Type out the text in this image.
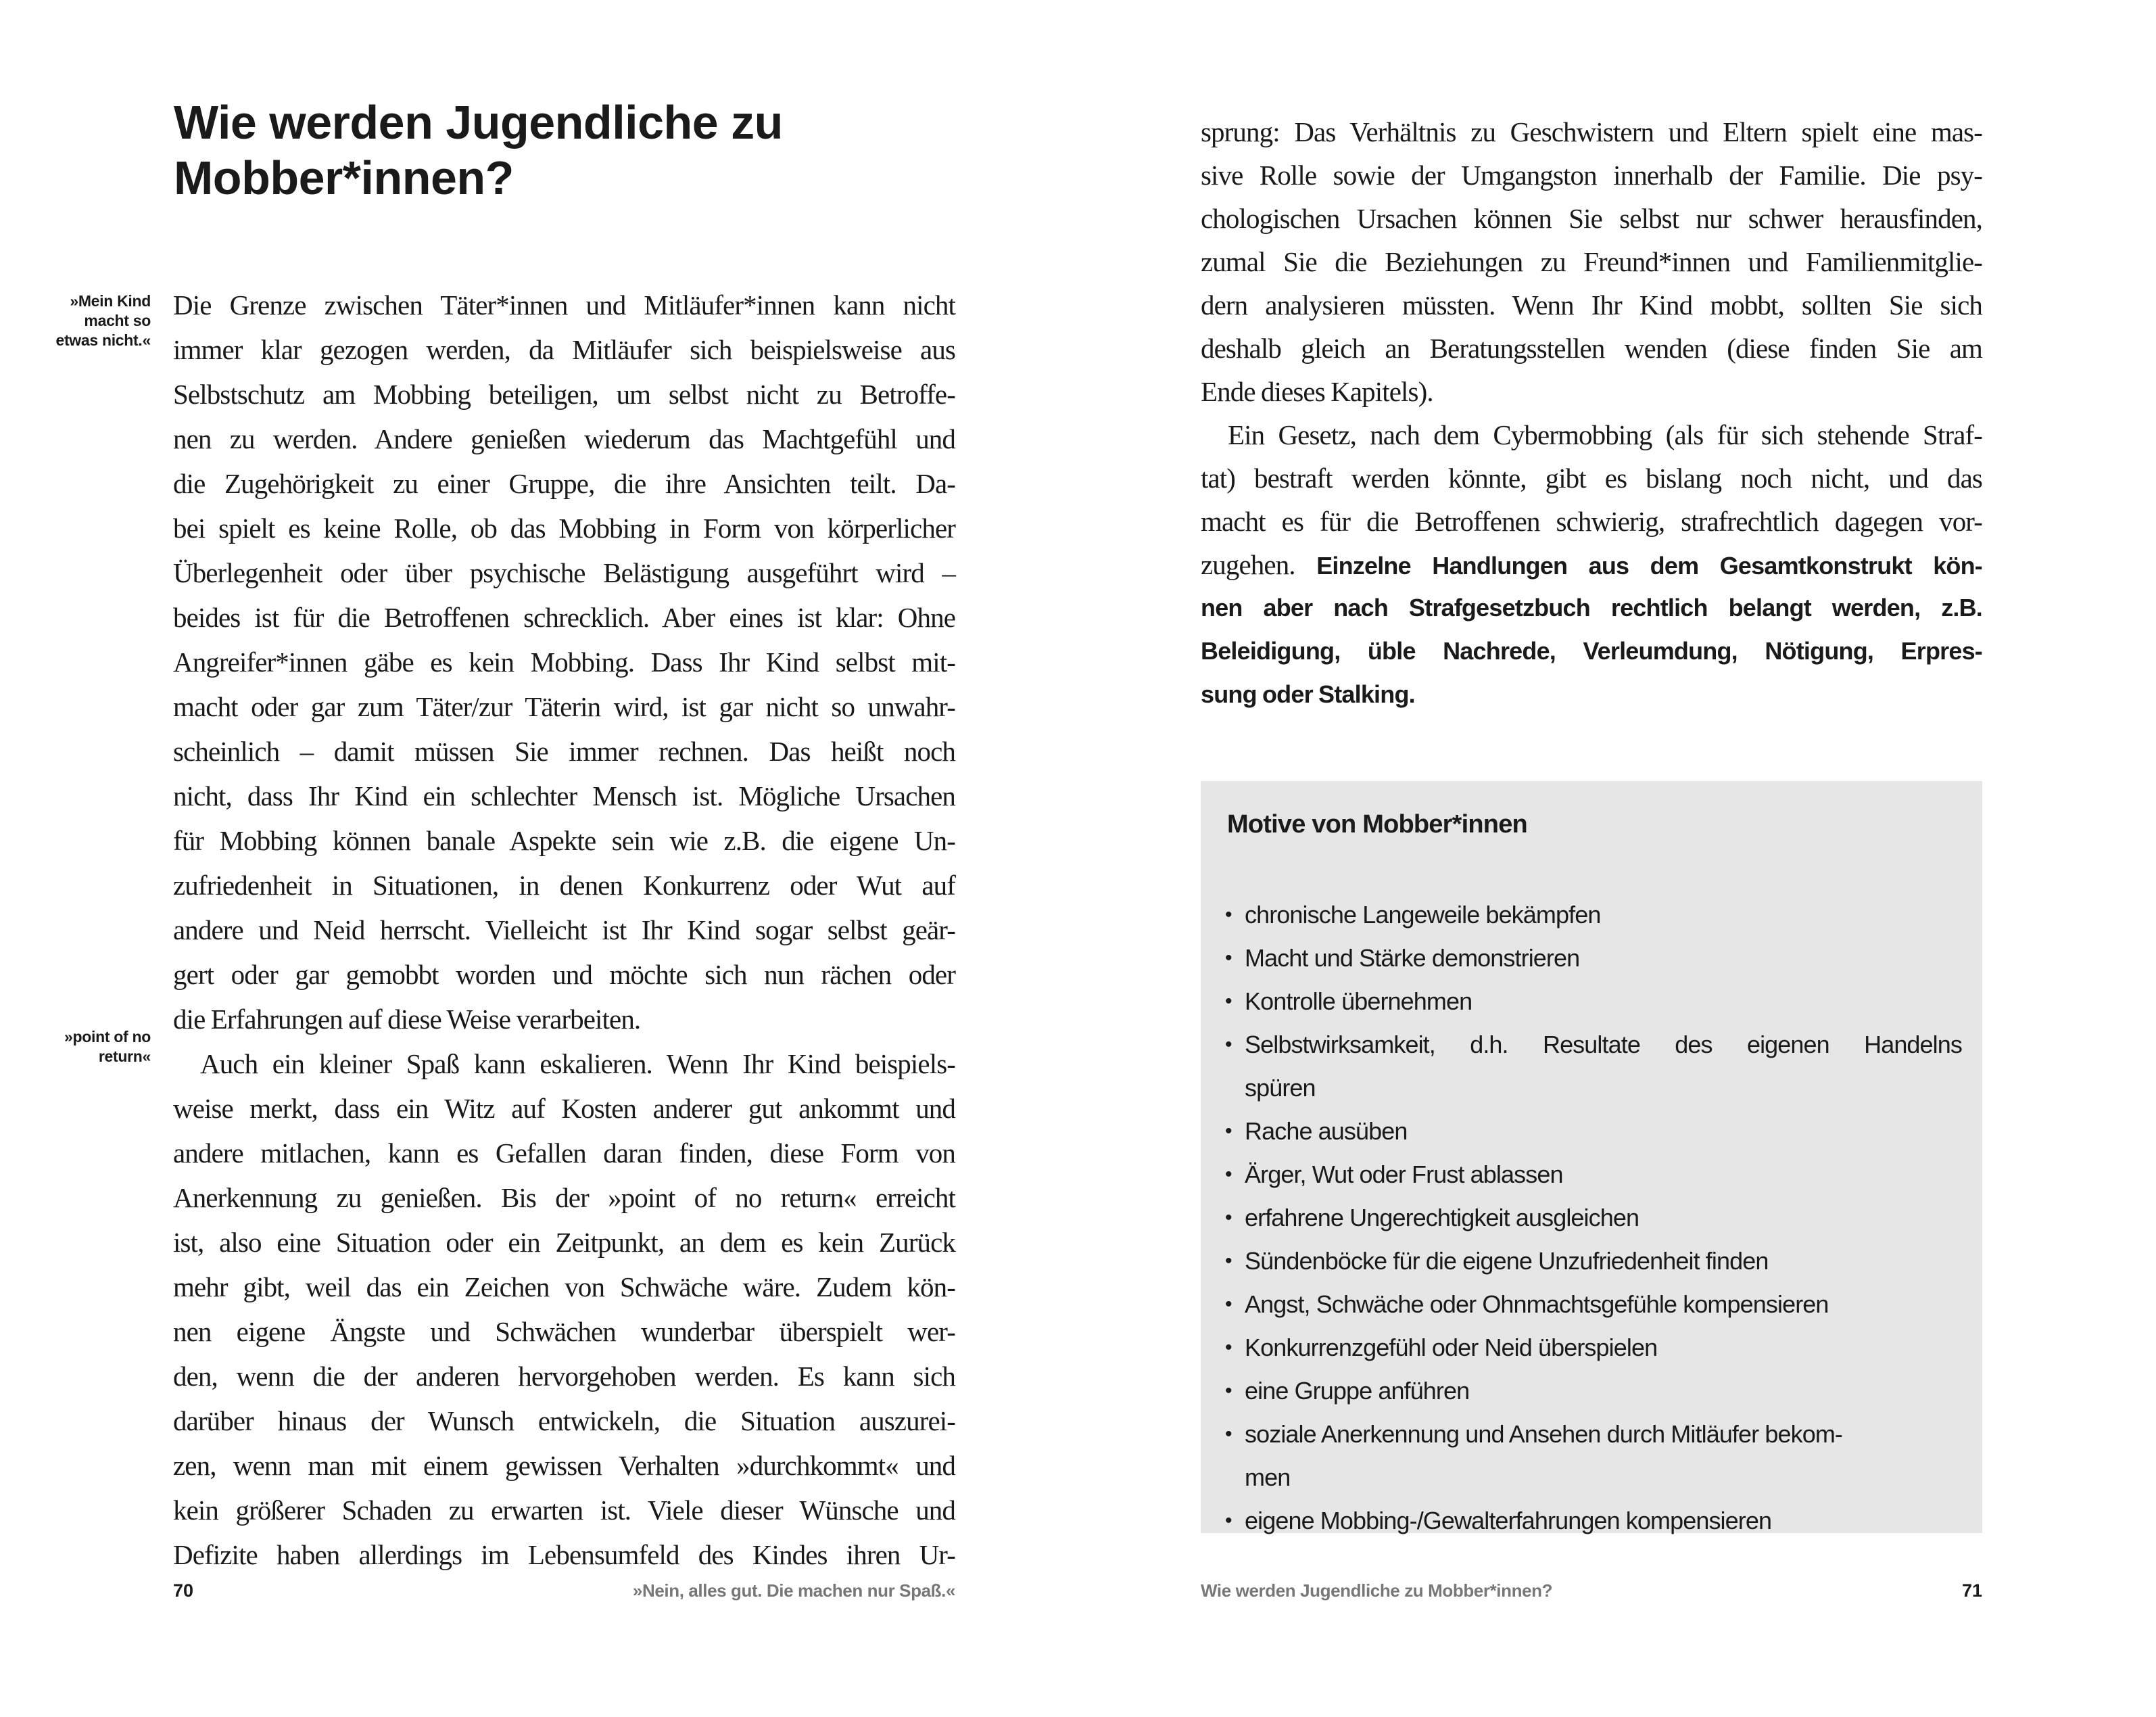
Wie werden Jugendliche zu
Mobber*innen?
»Mein Kind
macht so
etwas nicht.«
»point of no
return«
Die Grenze zwischen Täter*innen und Mitläufer*innen kann nicht
immer klar gezogen werden, da Mitläufer sich beispielsweise aus
Selbstschutz am Mobbing beteiligen, um selbst nicht zu Betroffe-
nen zu werden. Andere genießen wiederum das Machtgefühl und
die Zugehörigkeit zu einer Gruppe, die ihre Ansichten teilt. Da-
bei spielt es keine Rolle, ob das Mobbing in Form von körperlicher
Überlegenheit oder über psychische Belästigung ausgeführt wird –
beides ist für die Betroffenen schrecklich. Aber eines ist klar: Ohne
Angreifer*innen gäbe es kein Mobbing. Dass Ihr Kind selbst mit-
macht oder gar zum Täter/zur Täterin wird, ist gar nicht so unwahr-
scheinlich – damit müssen Sie immer rechnen. Das heißt noch
nicht, dass Ihr Kind ein schlechter Mensch ist. Mögliche Ursachen
für Mobbing können banale Aspekte sein wie z.B. die eigene Un-
zufriedenheit in Situationen, in denen Konkurrenz oder Wut auf
andere und Neid herrscht. Vielleicht ist Ihr Kind sogar selbst geär-
gert oder gar gemobbt worden und möchte sich nun rächen oder
die Erfahrungen auf diese Weise verarbeiten.
Auch ein kleiner Spaß kann eskalieren. Wenn Ihr Kind beispiels-
weise merkt, dass ein Witz auf Kosten anderer gut ankommt und
andere mitlachen, kann es Gefallen daran finden, diese Form von
Anerkennung zu genießen. Bis der »point of no return« erreicht
ist, also eine Situation oder ein Zeitpunkt, an dem es kein Zurück
mehr gibt, weil das ein Zeichen von Schwäche wäre. Zudem kön-
nen eigene Ängste und Schwächen wunderbar überspielt wer-
den, wenn die der anderen hervorgehoben werden. Es kann sich
darüber hinaus der Wunsch entwickeln, die Situation auszurei-
zen, wenn man mit einem gewissen Verhalten »durchkommt« und
kein größerer Schaden zu erwarten ist. Viele dieser Wünsche und
Defizite haben allerdings im Lebensumfeld des Kindes ihren Ur-
70	»Nein, alles gut. Die machen nur Spaß.«
sprung: Das Verhältnis zu Geschwistern und Eltern spielt eine mas-
sive Rolle sowie der Umgangston innerhalb der Familie. Die psy-
chologischen Ursachen können Sie selbst nur schwer herausfinden,
zumal Sie die Beziehungen zu Freund*innen und Familienmitglie-
dern analysieren müssten. Wenn Ihr Kind mobbt, sollten Sie sich
deshalb gleich an Beratungsstellen wenden (diese finden Sie am
Ende dieses Kapitels).
Ein Gesetz, nach dem Cybermobbing (als für sich stehende Straf-
tat) bestraft werden könnte, gibt es bislang noch nicht, und das
macht es für die Betroffenen schwierig, strafrechtlich dagegen vor-
zugehen. Einzelne Handlungen aus dem Gesamtkonstrukt kön-
nen aber nach Strafgesetzbuch rechtlich belangt werden, z.B.
Beleidigung, üble Nachrede, Verleumdung, Nötigung, Erpres-
sung oder Stalking.
Motive von Mobber*innen
• chronische Langeweile bekämpfen
• Macht und Stärke demonstrieren
• Kontrolle übernehmen
• Selbstwirksamkeit, d.h. Resultate des eigenen Handelns
spüren
• Rache ausüben
• Ärger, Wut oder Frust ablassen
• erfahrene Ungerechtigkeit ausgleichen
• Sündenböcke für die eigene Unzufriedenheit finden
• Angst, Schwäche oder Ohnmachtsgefühle kompensieren
• Konkurrenzgefühl oder Neid überspielen
• eine Gruppe anführen
• soziale Anerkennung und Ansehen durch Mitläufer bekom-
men
• eigene Mobbing-/Gewalterfahrungen kompensieren
Wie werden Jugendliche zu Mobber*innen?	71
